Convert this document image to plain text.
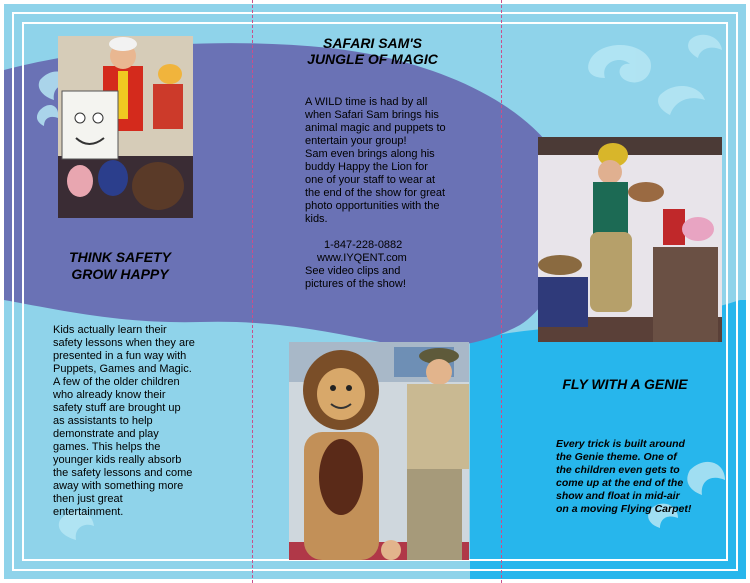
THINK SAFETY
GROW HAPPY
Kids actually learn their
safety lessons when they are
presented in a fun way with
Puppets, Games and Magic.
A few of the older children
who already know their
safety stuff are brought up
as assistants to help
demonstrate and play
games. This helps the
younger kids really absorb
the safety lessons and come
away with something more
then just great
entertainment.
SAFARI SAM'S
JUNGLE OF MAGIC
A WILD time is had by all
when Safari Sam brings his
animal magic and puppets to
entertain your group!
Sam even brings along his
buddy Happy the Lion for
one of your staff to wear at
the end of the show for great
photo opportunities with the
kids.
1-847-228-0882
www.IYQENT.com
See video clips and
pictures of the show!
FLY WITH A GENIE
Every trick is built around
the Genie theme. One of
the children even gets to
come up at the end of the
show and float in mid-air
on a moving Flying Carpet!
